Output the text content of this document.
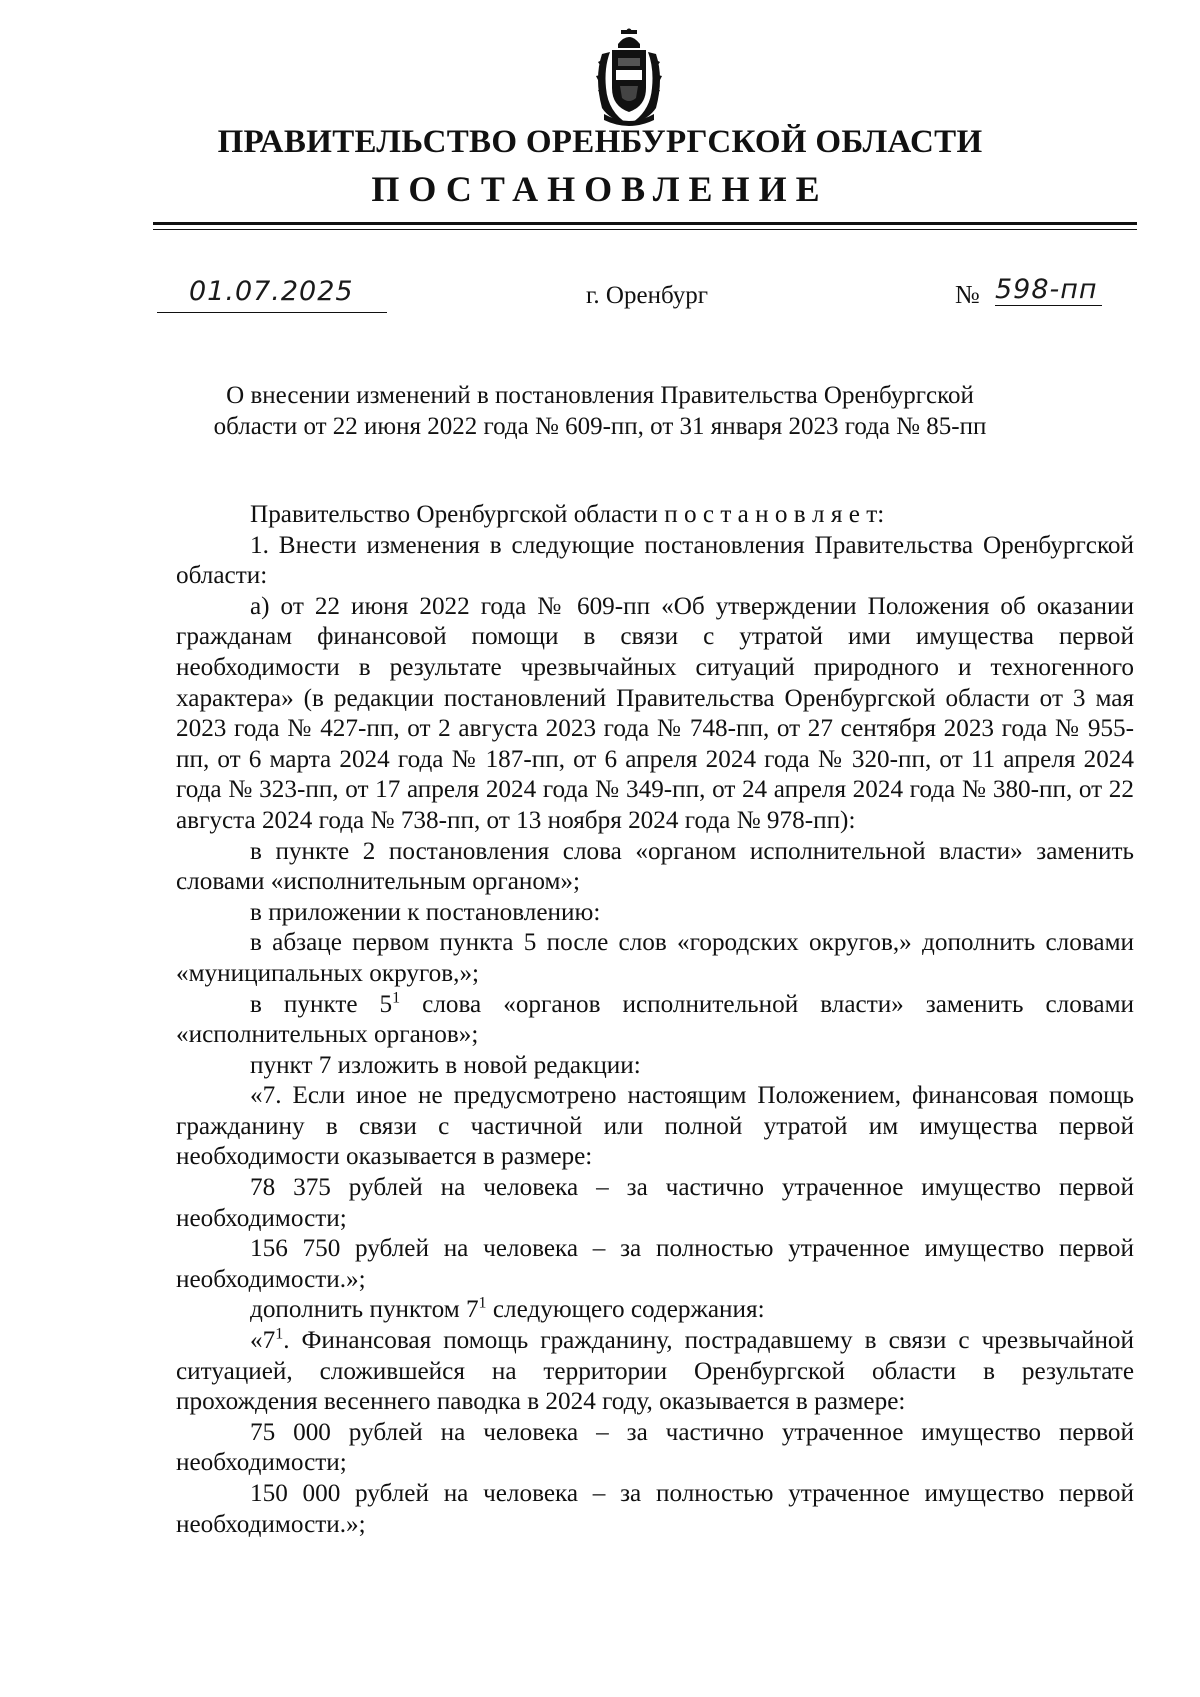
ПРАВИТЕЛЬСТВО ОРЕНБУРГСКОЙ ОБЛАСТИ
ПОСТАНОВЛЕНИЕ
01.07.2025	г. Оренбург	№ 598-пп
О внесении изменений в постановления Правительства Оренбургской
области от 22 июня 2022 года № 609-пп, от 31 января 2023 года № 85-пп

Правительство Оренбургской области п о с т а н о в л я е т:

1. Внести изменения в следующие постановления Правительства Оренбургской области:

а) от 22 июня 2022 года № 609-пп «Об утверждении Положения об оказании гражданам финансовой помощи в связи с утратой ими имущества первой необходимости в результате чрезвычайных ситуаций природного и техногенного характера» (в редакции постановлений Правительства Оренбургской области от 3 мая 2023 года № 427-пп, от 2 августа 2023 года № 748-пп, от 27 сентября 2023 года № 955-пп, от 6 марта 2024 года № 187-пп, от 6 апреля 2024 года № 320-пп, от 11 апреля 2024 года № 323-пп, от 17 апреля 2024 года № 349-пп, от 24 апреля 2024 года № 380-пп, от 22 августа 2024 года № 738-пп, от 13 ноября 2024 года № 978-пп):

в пункте 2 постановления слова «органом исполнительной власти» заменить словами «исполнительным органом»;

в приложении к постановлению:

в абзаце первом пункта 5 после слов «городских округов,» дополнить словами «муниципальных округов,»;

в пункте $5^1$ слова «органов исполнительной власти» заменить словами «исполнительных органов»;

пункт 7 изложить в новой редакции:

«7. Если иное не предусмотрено настоящим Положением, финансовая помощь гражданину в связи с частичной или полной утратой им имущества первой необходимости оказывается в размере:

78 375 рублей на человека – за частично утраченное имущество первой необходимости;

156 750 рублей на человека – за полностью утраченное имущество первой необходимости.»;

дополнить пунктом $7^1$ следующего содержания:

«$7^1$. Финансовая помощь гражданину, пострадавшему в связи с чрезвычайной ситуацией, сложившейся на территории Оренбургской области в результате прохождения весеннего паводка в 2024 году, оказывается в размере:

75 000 рублей на человека – за частично утраченное имущество первой необходимости;

150 000 рублей на человека – за полностью утраченное имущество первой необходимости.»;
